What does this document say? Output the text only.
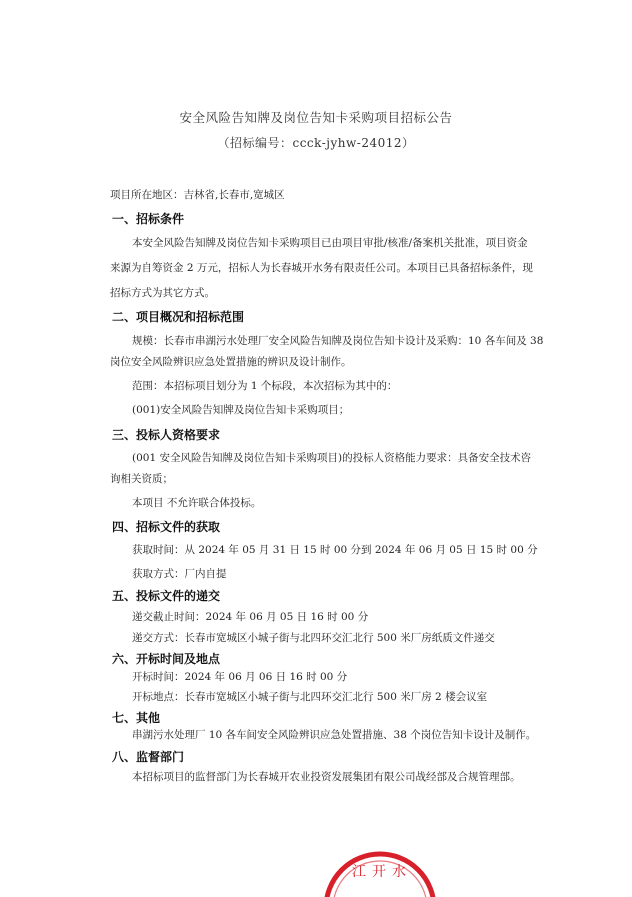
安全风险告知牌及岗位告知卡采购项目招标公告
（招标编号：ccck-jyhw-24012）
项目所在地区：吉林省,长春市,宽城区
一、招标条件
本安全风险告知牌及岗位告知卡采购项目已由项目审批/核准/备案机关批准，项目资金
来源为自筹资金 2 万元，招标人为长春城开水务有限责任公司。本项目已具备招标条件，现
招标方式为其它方式。
二、项目概况和招标范围
规模：长春市串湖污水处理厂安全风险告知牌及岗位告知卡设计及采购：10 各车间及 38
岗位安全风险辨识应急处置措施的辨识及设计制作。
范围：本招标项目划分为 1 个标段，本次招标为其中的：
(001)安全风险告知牌及岗位告知卡采购项目；
三、投标人资格要求
(001 安全风险告知牌及岗位告知卡采购项目)的投标人资格能力要求：具备安全技术咨
询相关资质；
本项目 不允许联合体投标。
四、招标文件的获取
获取时间：从 2024 年 05 月 31 日 15 时 00 分到 2024 年 06 月 05 日 15 时 00 分
获取方式：厂内自提
五、投标文件的递交
递交截止时间：2024 年 06 月 05 日 16 时 00 分
递交方式：长春市宽城区小城子街与北四环交汇北行 500 米厂房纸质文件递交
六、开标时间及地点
开标时间：2024 年 06 月 06 日 16 时 00 分
开标地点：长春市宽城区小城子街与北四环交汇北行 500 米厂房 2 楼会议室
七、其他
串湖污水处理厂 10 各车间安全风险辨识应急处置措施、38 个岗位告知卡设计及制作。
八、监督部门
本招标项目的监督部门为长春城开农业投资发展集团有限公司战经部及合规管理部。
江开水
